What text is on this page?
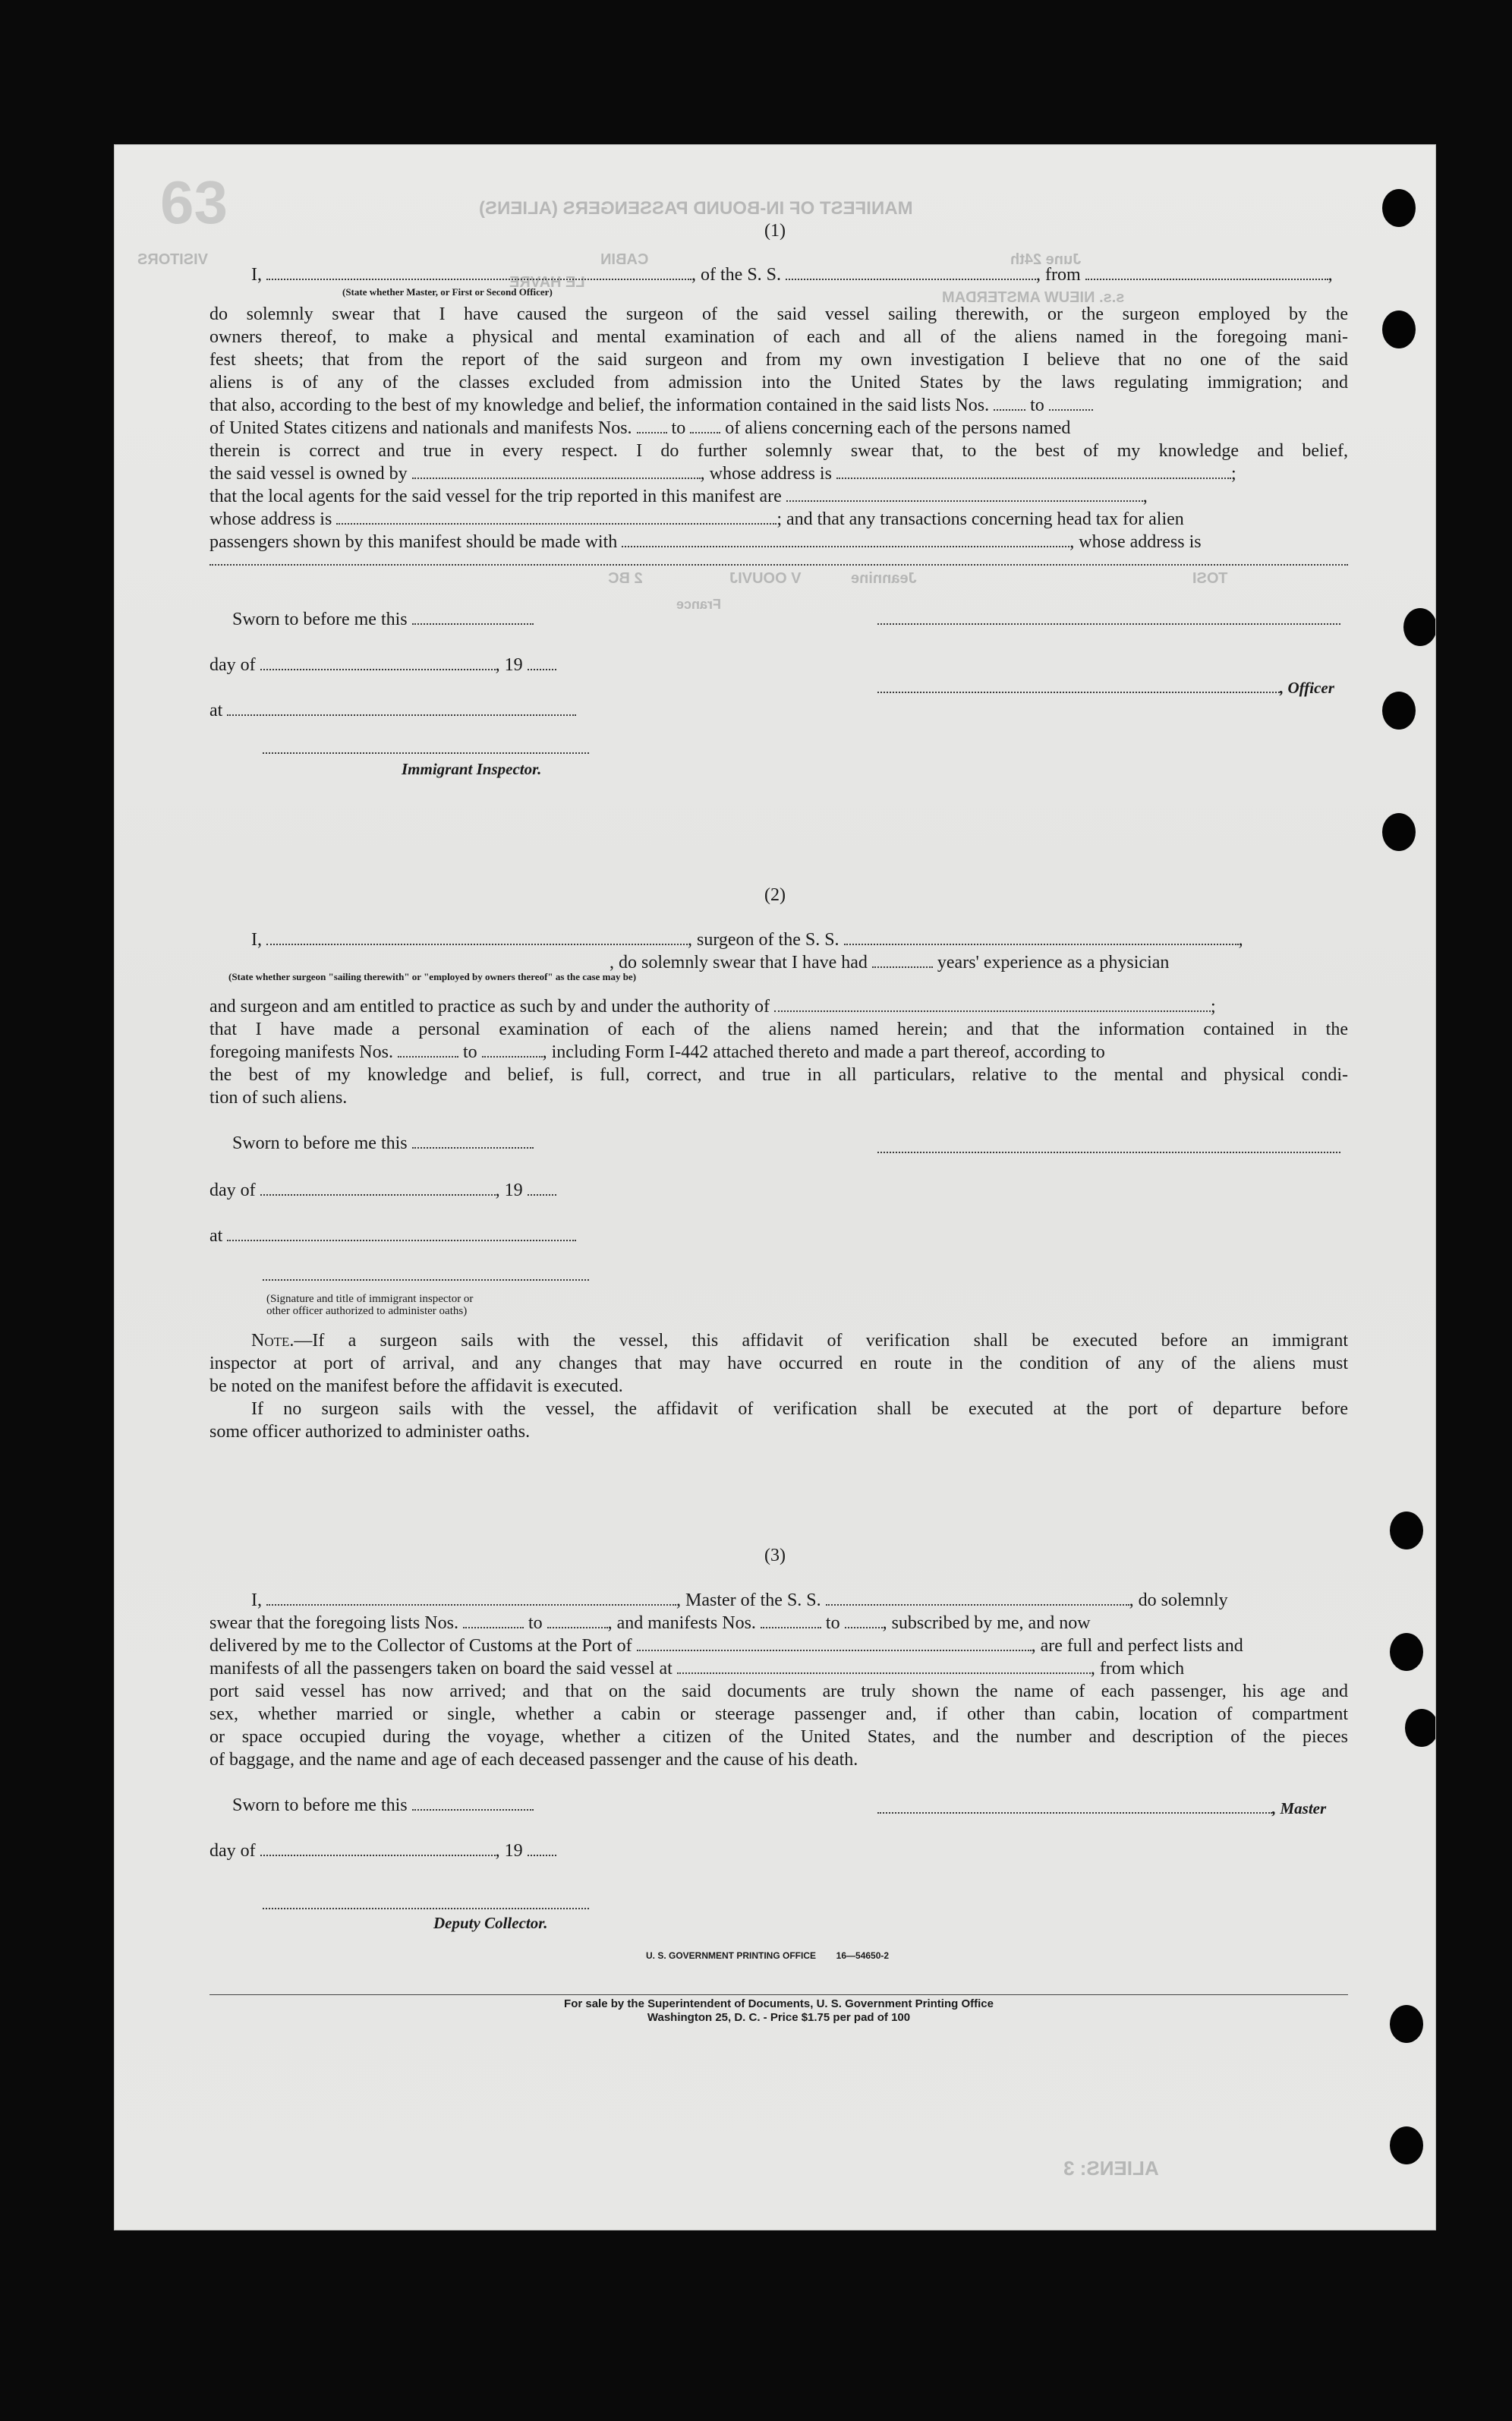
63	MANIFEST OF IN-BOUND PASSENGERS (ALIENS)
CABIN
LE HAVRE
June 24th
VISITORS
s.s. NIEUW AMSTERDAM
TOSI
Jeannine
V OOUVIJ
2 BC
France
ALIENS: 3
(1)
I,	, of the S. S.	, from	,
(State whether Master, or First or Second Officer)
do solemnly swear that I have caused the surgeon of the said vessel sailing therewith, or the surgeon employed by the
owners thereof, to make a physical and mental examination of each and all of the aliens named in the foregoing mani-
fest sheets; that from the report of the said surgeon and from my own investigation I believe that no one of the said
aliens is of any of the classes excluded from admission into the United States by the laws regulating immigration; and
that also, according to the best of my knowledge and belief, the information contained in the said lists Nos. to
of United States citizens and nationals and manifests Nos. to of aliens concerning each of the persons named
therein is correct and true in every respect. I do further solemnly swear that, to the best of my knowledge and belief,
the said vessel is owned by	, whose address is	;
that the local agents for the said vessel for the trip reported in this manifest are	,
whose address is	; and that any transactions concerning head tax for alien
passengers shown by this manifest should be made with	, whose address is
Sworn to before me this
day of	, 19
, Officer
at
Immigrant Inspector.
(2)
I,	, surgeon of the S. S.	,
, do solemnly swear that I have had	years' experience as a physician
(State whether surgeon "sailing therewith" or "employed by owners thereof" as the case may be)
and surgeon and am entitled to practice as such by and under the authority of	;
that I have made a personal examination of each of the aliens named herein; and that the information contained in the
foregoing manifests Nos.	to	, including Form I-442 attached thereto and made a part thereof, according to
the best of my knowledge and belief, is full, correct, and true in all particulars, relative to the mental and physical condi-
tion of such aliens.
Sworn to before me this
day of	, 19
at
(Signature and title of immigrant inspector or
other officer authorized to administer oaths)
Note.—If a surgeon sails with the vessel, this affidavit of verification shall be executed before an immigrant
inspector at port of arrival, and any changes that may have occurred en route in the condition of any of the aliens must
be noted on the manifest before the affidavit is executed.
If no surgeon sails with the vessel, the affidavit of verification shall be executed at the port of departure before
some officer authorized to administer oaths.
(3)
I,	, Master of the S. S.	, do solemnly
swear that the foregoing lists Nos.	to	, and manifests Nos.	to , subscribed by me, and now
delivered by me to the Collector of Customs at the Port of	, are full and perfect lists and
manifests of all the passengers taken on board the said vessel at	, from which
port said vessel has now arrived; and that on the said documents are truly shown the name of each passenger, his age and
sex, whether married or single, whether a cabin or steerage passenger and, if other than cabin, location of compartment
or space occupied during the voyage, whether a citizen of the United States, and the number and description of the pieces
of baggage, and the name and age of each deceased passenger and the cause of his death.
Sworn to before me this	, Master
day of	, 19
Deputy Collector.
U. S. GOVERNMENT PRINTING OFFICE        16—54650-2
For sale by the Superintendent of Documents, U. S. Government Printing Office
Washington 25, D. C. - Price $1.75 per pad of 100
